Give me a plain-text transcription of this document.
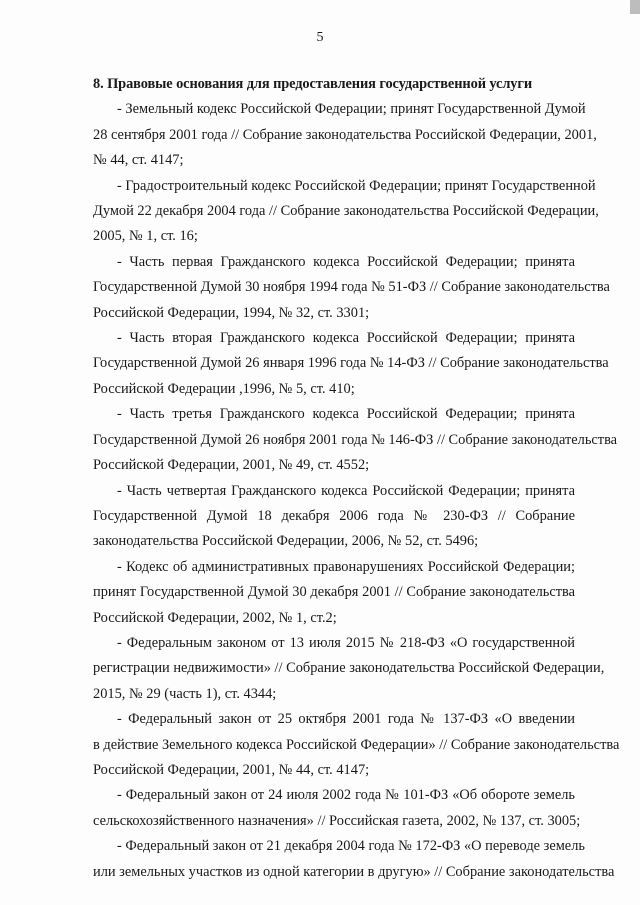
5

8. Правовые основания для предоставления государственной услуги

- Земельный кодекс Российской Федерации; принят Государственной Думой
28 сентября 2001 года // Собрание законодательства Российской Федерации, 2001,
№ 44, ст. 4147;
- Градостроительный кодекс Российской Федерации; принят Государственной
Думой 22 декабря 2004 года // Собрание законодательства Российской Федерации,
2005, № 1, ст. 16;
- Часть первая Гражданского кодекса Российской Федерации; принята
Государственной Думой 30 ноября 1994 года № 51-ФЗ // Собрание законодательства
Российской Федерации, 1994, № 32, ст. 3301;
- Часть вторая Гражданского кодекса Российской Федерации; принята
Государственной Думой 26 января 1996 года № 14-ФЗ // Собрание законодательства
Российской Федерации ,1996, № 5, ст. 410;
- Часть третья Гражданского кодекса Российской Федерации; принята
Государственной Думой 26 ноября 2001 года № 146-ФЗ // Собрание законодательства
Российской Федерации, 2001, № 49, ст. 4552;
- Часть четвертая Гражданского кодекса Российской Федерации; принята
Государственной Думой 18 декабря 2006 года № 230-ФЗ // Собрание
законодательства Российской Федерации, 2006, № 52, ст. 5496;
- Кодекс об административных правонарушениях Российской Федерации;
принят Государственной Думой 30 декабря 2001 // Собрание законодательства
Российской Федерации, 2002, № 1, ст.2;
- Федеральным законом от 13 июля 2015 № 218-ФЗ «О государственной
регистрации недвижимости» // Собрание законодательства Российской Федерации,
2015, № 29 (часть 1), ст. 4344;
- Федеральный закон от 25 октября 2001 года № 137-ФЗ «О введении
в действие Земельного кодекса Российской Федерации» // Собрание законодательства
Российской Федерации, 2001, № 44, ст. 4147;
- Федеральный закон от 24 июля 2002 года № 101-ФЗ «Об обороте земель
сельскохозяйственного назначения» // Российская газета, 2002, № 137, ст. 3005;
- Федеральный закон от 21 декабря 2004 года № 172-ФЗ «О переводе земель
или земельных участков из одной категории в другую» // Собрание законодательства
